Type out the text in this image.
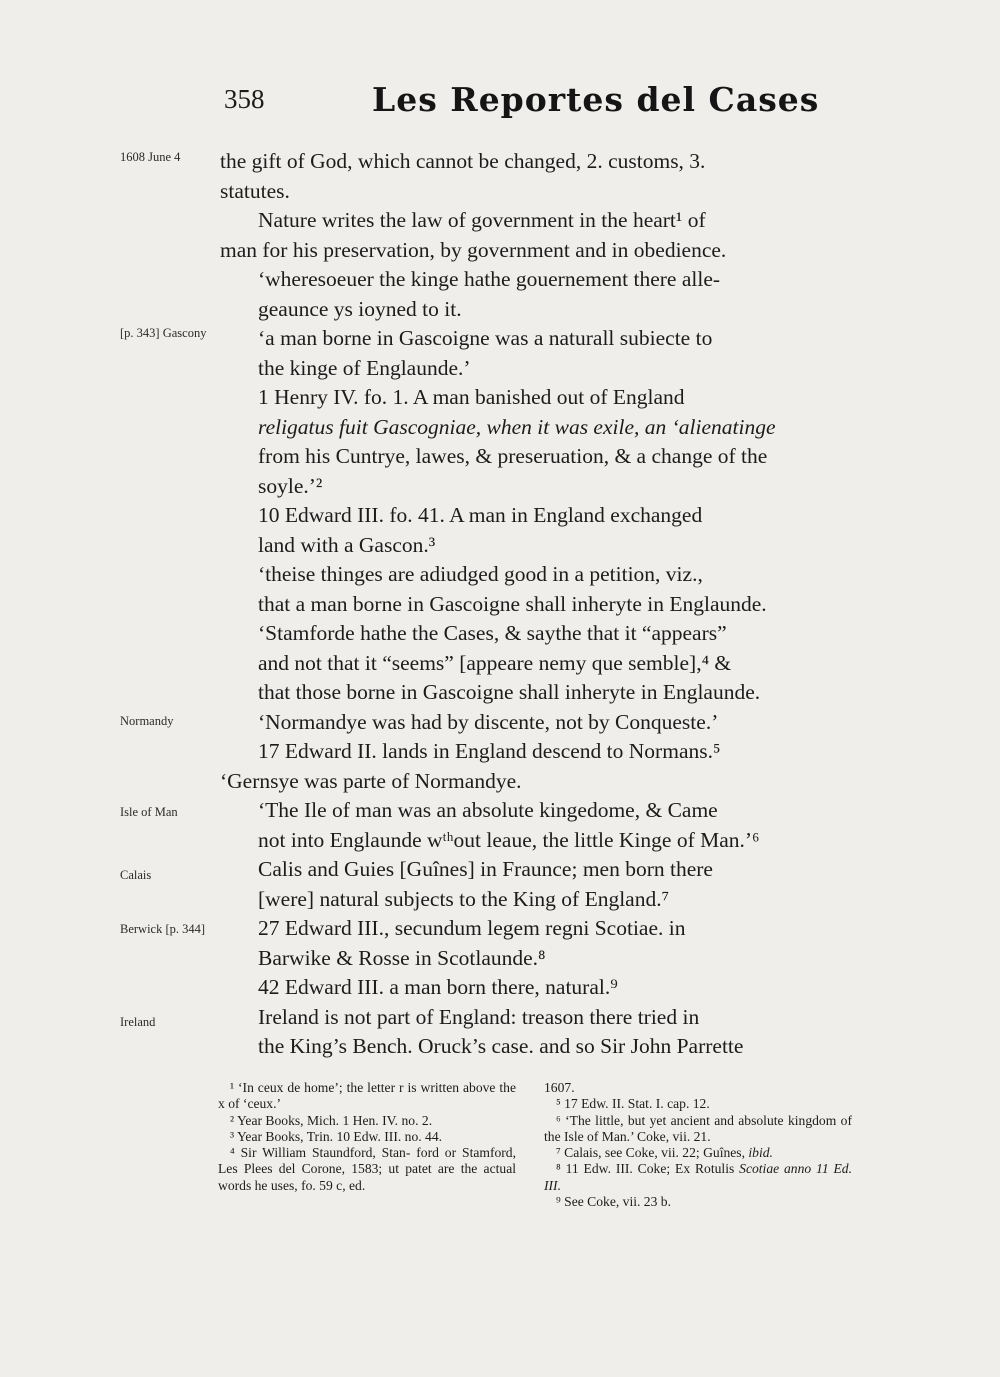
358	Les Reportes del Cases
1608 June 4
[p. 343] Gascony
Normandy
Isle of Man
Calais
Berwick [p. 344]
Ireland

the gift of God, which cannot be changed, 2. customs, 3.
statutes.

Nature writes the law of government in the heart¹ of
man for his preservation, by government and in obedience.

‘wheresoeuer the kinge hathe gouernement there alle-
geaunce ys ioyned to it.

‘a man borne in Gascoigne was a naturall subiecte to
the kinge of Englaunde.’

1 Henry IV. fo. 1. A man banished out of England
religatus fuit Gascogniae, when it was exile, an ‘alienatinge
from his Cuntrye, lawes, & preseruation, & a change of the
soyle.’²

10 Edward III. fo. 41. A man in England exchanged
land with a Gascon.³

‘theise thinges are adiudged good in a petition, viz.,
that a man borne in Gascoigne shall inheryte in Englaunde.

‘Stamforde hathe the Cases, & saythe that it “appears”
and not that it “seems” [appeare nemy que semble],⁴ &
that those borne in Gascoigne shall inheryte in Englaunde.

‘Normandye was had by discente, not by Conqueste.’

17 Edward II. lands in England descend to Normans.⁵

‘Gernsye was parte of Normandye.

‘The Ile of man was an absolute kingedome, & Came
not into Englaunde wᵗʰout leaue, the little Kinge of Man.’⁶

Calis and Guies [Guînes] in Fraunce; men born there
[were] natural subjects to the King of England.⁷

27 Edward III., secundum legem regni Scotiae. in
Barwike & Rosse in Scotlaunde.⁸

42 Edward III. a man born there, natural.⁹

Ireland is not part of England: treason there tried in
the King’s Bench. Oruck’s case. and so Sir John Parrette

¹ ‘In ceux de home’; the letter r is written above the x of ‘ceux.’

² Year Books, Mich. 1 Hen. IV. no. 2.

³ Year Books, Trin. 10 Edw. III. no. 44.

⁴ Sir William Staundford, Stan- ford or Stamford, Les Plees del Corone, 1583; ut patet are the actual words he uses, fo. 59 c, ed.

1607.

⁵ 17 Edw. II. Stat. I. cap. 12.

⁶ ‘The little, but yet ancient and absolute kingdom of the Isle of Man.’ Coke, vii. 21.

⁷ Calais, see Coke, vii. 22; Guînes, ibid.

⁸ 11 Edw. III. Coke; Ex Rotulis Scotiae anno 11 Ed. III.

⁹ See Coke, vii. 23 b.
